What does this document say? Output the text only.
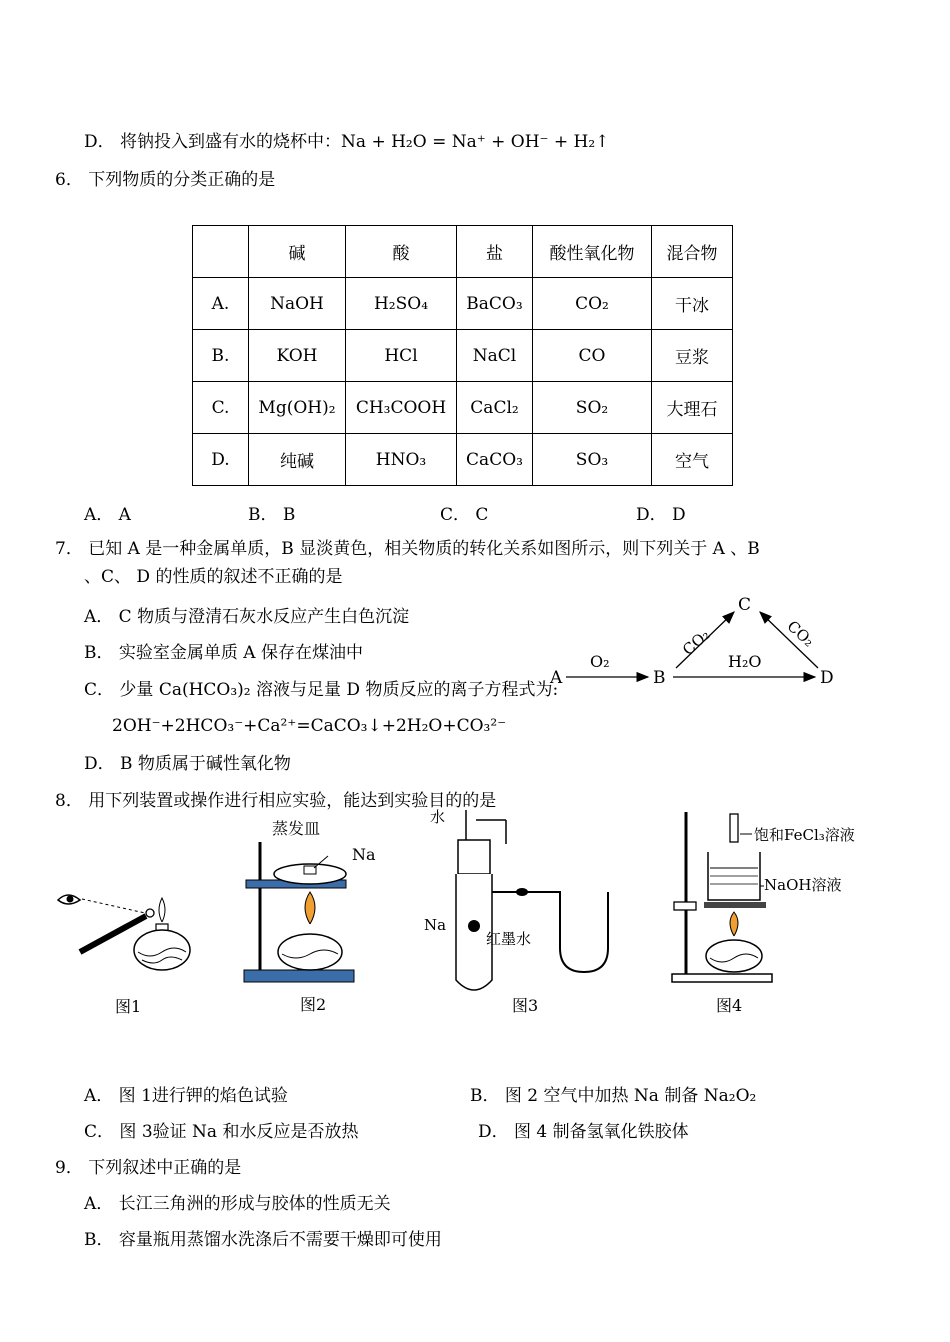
D． 将钠投入到盛有水的烧杯中：Na + H₂O = Na⁺ + OH⁻ + H₂↑
6． 下列物质的分类正确的是
	碱	酸	盐	酸性氧化物	混合物
A.	NaOH	H₂SO₄	BaCO₃	CO₂	干冰
B.	KOH	HCl	NaCl	CO	豆浆
C.	Mg(OH)₂	CH₃COOH	CaCl₂	SO₂	大理石
D.	纯碱	HNO₃	CaCO₃	SO₃	空气
A． A	B． B	C． C	D． D
7． 已知 A 是一种金属单质，B 显淡黄色，相关物质的转化关系如图所示，则下列关于 A 、B
、C、 D 的性质的叙述不正确的是
A． C 物质与澄清石灰水反应产生白色沉淀
B． 实验室金属单质 A 保存在煤油中
C． 少量 Ca(HCO₃)₂ 溶液与足量 D 物质反应的离子方程式为:
2OH⁻+2HCO₃⁻+Ca²⁺=CaCO₃↓+2H₂O+CO₃²⁻
D． B 物质属于碱性氧化物
A
O₂
B
H₂O
D
C
CO₂	CO₂
8． 用下列装置或操作进行相应实验，能达到实验目的的是
图1
蒸发皿
Na
图2
水
Na
红墨水
图3
饱和FeCl₃溶液
NaOH溶液
图4
A． 图 1进行钾的焰色试验	B． 图 2 空气中加热 Na 制备 Na₂O₂
C． 图 3验证 Na 和水反应是否放热	D． 图 4 制备氢氧化铁胶体
9． 下列叙述中正确的是
A． 长江三角洲的形成与胶体的性质无关
B． 容量瓶用蒸馏水洗涤后不需要干燥即可使用
